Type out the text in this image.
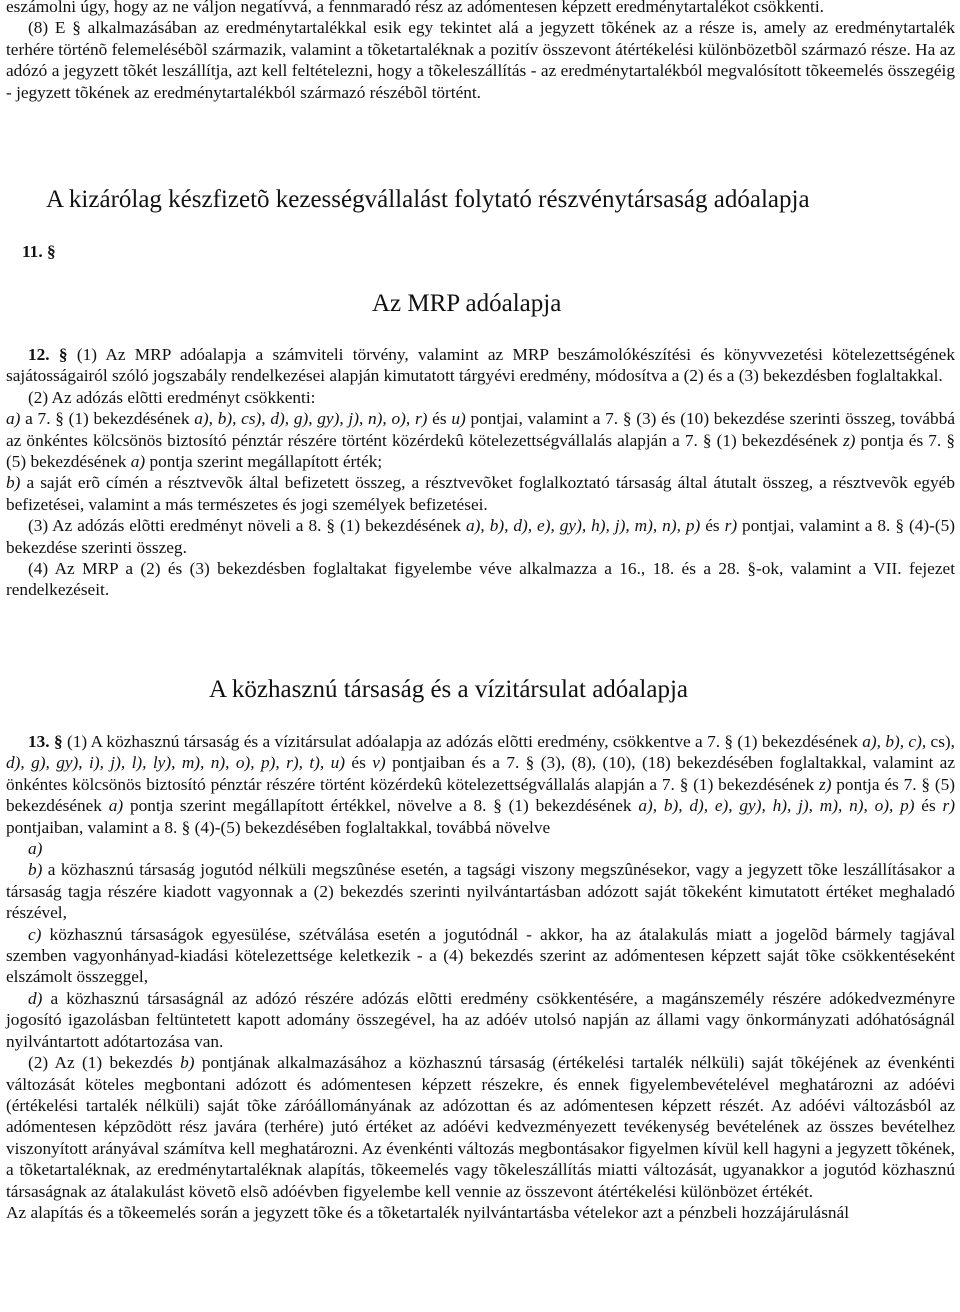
eszámolni úgy, hogy az ne váljon negatívvá, a fennmaradó rész az adómentesen képzett eredménytartalékot csökkenti.

(8) E § alkalmazásában az eredménytartalékkal esik egy tekintet alá a jegyzett tõkének az a része is, amely az eredménytartalék terhére történõ felemelésébõl származik, valamint a tõketartaléknak a pozitív összevont átértékelési különbözetbõl származó része. Ha az adózó a jegyzett tõkét leszállítja, azt kell feltételezni, hogy a tõkeleszállítás - az eredménytartalékból megvalósított tõkeemelés összegéig - jegyzett tõkének az eredménytartalékból származó részébõl történt.

A kizárólag készfizetõ kezességvállalást folytató részvénytársaság adóalapja
11. §
Az MRP adóalapja

12. § (1) Az MRP adóalapja a számviteli törvény, valamint az MRP beszámolókészítési és könyvvezetési kötelezettségének sajátosságairól szóló jogszabály rendelkezései alapján kimutatott tárgyévi eredmény, módosítva a (2) és a (3) bekezdésben foglaltakkal.

(2) Az adózás elõtti eredményt csökkenti:

a) a 7. § (1) bekezdésének a), b), cs), d), g), gy), j), n), o), r) és u) pontjai, valamint a 7. § (3) és (10) bekezdése szerinti összeg, továbbá az önkéntes kölcsönös biztosító pénztár részére történt közérdekû kötelezettségvállalás alapján a 7. § (1) bekezdésének z) pontja és 7. § (5) bekezdésének a) pontja szerint megállapított érték;

b) a saját erõ címén a résztvevõk által befizetett összeg, a résztvevõket foglalkoztató társaság által átutalt összeg, a résztvevõk egyéb befizetései, valamint a más természetes és jogi személyek befizetései.

(3) Az adózás elõtti eredményt növeli a 8. § (1) bekezdésének a), b), d), e), gy), h), j), m), n), p) és r) pontjai, valamint a 8. § (4)-(5) bekezdése szerinti összeg.

(4) Az MRP a (2) és (3) bekezdésben foglaltakat figyelembe véve alkalmazza a 16., 18. és a 28. §-ok, valamint a VII. fejezet rendelkezéseit.

A közhasznú társaság és a vízitársulat adóalapja

13. § (1) A közhasznú társaság és a vízitársulat adóalapja az adózás elõtti eredmény, csökkentve a 7. § (1) bekezdésének a), b), c), cs), d), g), gy), i), j), l), ly), m), n), o), p), r), t), u) és v) pontjaiban és a 7. § (3), (8), (10), (18) bekezdésében foglaltakkal, valamint az önkéntes kölcsönös biztosító pénztár részére történt közérdekû kötelezettségvállalás alapján a 7. § (1) bekezdésének z) pontja és 7. § (5) bekezdésének a) pontja szerint megállapított értékkel, növelve a 8. § (1) bekezdésének a), b), d), e), gy), h), j), m), n), o), p) és r) pontjaiban, valamint a 8. § (4)-(5) bekezdésében foglaltakkal, továbbá növelve

a)

b) a közhasznú társaság jogutód nélküli megszûnése esetén, a tagsági viszony megszûnésekor, vagy a jegyzett tõke leszállításakor a társaság tagja részére kiadott vagyonnak a (2) bekezdés szerinti nyilvántartásban adózott saját tõkeként kimutatott értéket meghaladó részével,

c) közhasznú társaságok egyesülése, szétválása esetén a jogutódnál - akkor, ha az átalakulás miatt a jogelõd bármely tagjával szemben vagyonhányad-kiadási kötelezettsége keletkezik - a (4) bekezdés szerint az adómentesen képzett saját tõke csökkentéseként elszámolt összeggel,

d) a közhasznú társaságnál az adózó részére adózás elõtti eredmény csökkentésére, a magánszemély részére adókedvezményre jogosító igazolásban feltüntetett kapott adomány összegével, ha az adóév utolsó napján az állami vagy önkormányzati adóhatóságnál nyilvántartott adótartozása van.

(2) Az (1) bekezdés b) pontjának alkalmazásához a közhasznú társaság (értékelési tartalék nélküli) saját tõkéjének az évenkénti változását köteles megbontani adózott és adómentesen képzett részekre, és ennek figyelembevételével meghatározni az adóévi (értékelési tartalék nélküli) saját tõke záróállományának az adózottan és az adómentesen képzett részét. Az adóévi változásból az adómentesen képzõdött rész javára (terhére) jutó értéket az adóévi kedvezményezett tevékenység bevételének az összes bevételhez viszonyított arányával számítva kell meghatározni. Az évenkénti változás megbontásakor figyelmen kívül kell hagyni a jegyzett tõkének, a tõketartaléknak, az eredménytartaléknak alapítás, tõkeemelés vagy tõkeleszállítás miatti változását, ugyanakkor a jogutód közhasznú társaságnak az átalakulást követõ elsõ adóévben figyelembe kell vennie az összevont átértékelési különbözet értékét.

Az alapítás és a tõkeemelés során a jegyzett tõke és a tõketartalék nyilvántartásba vételekor azt a pénzbeli hozzájárulásnál
